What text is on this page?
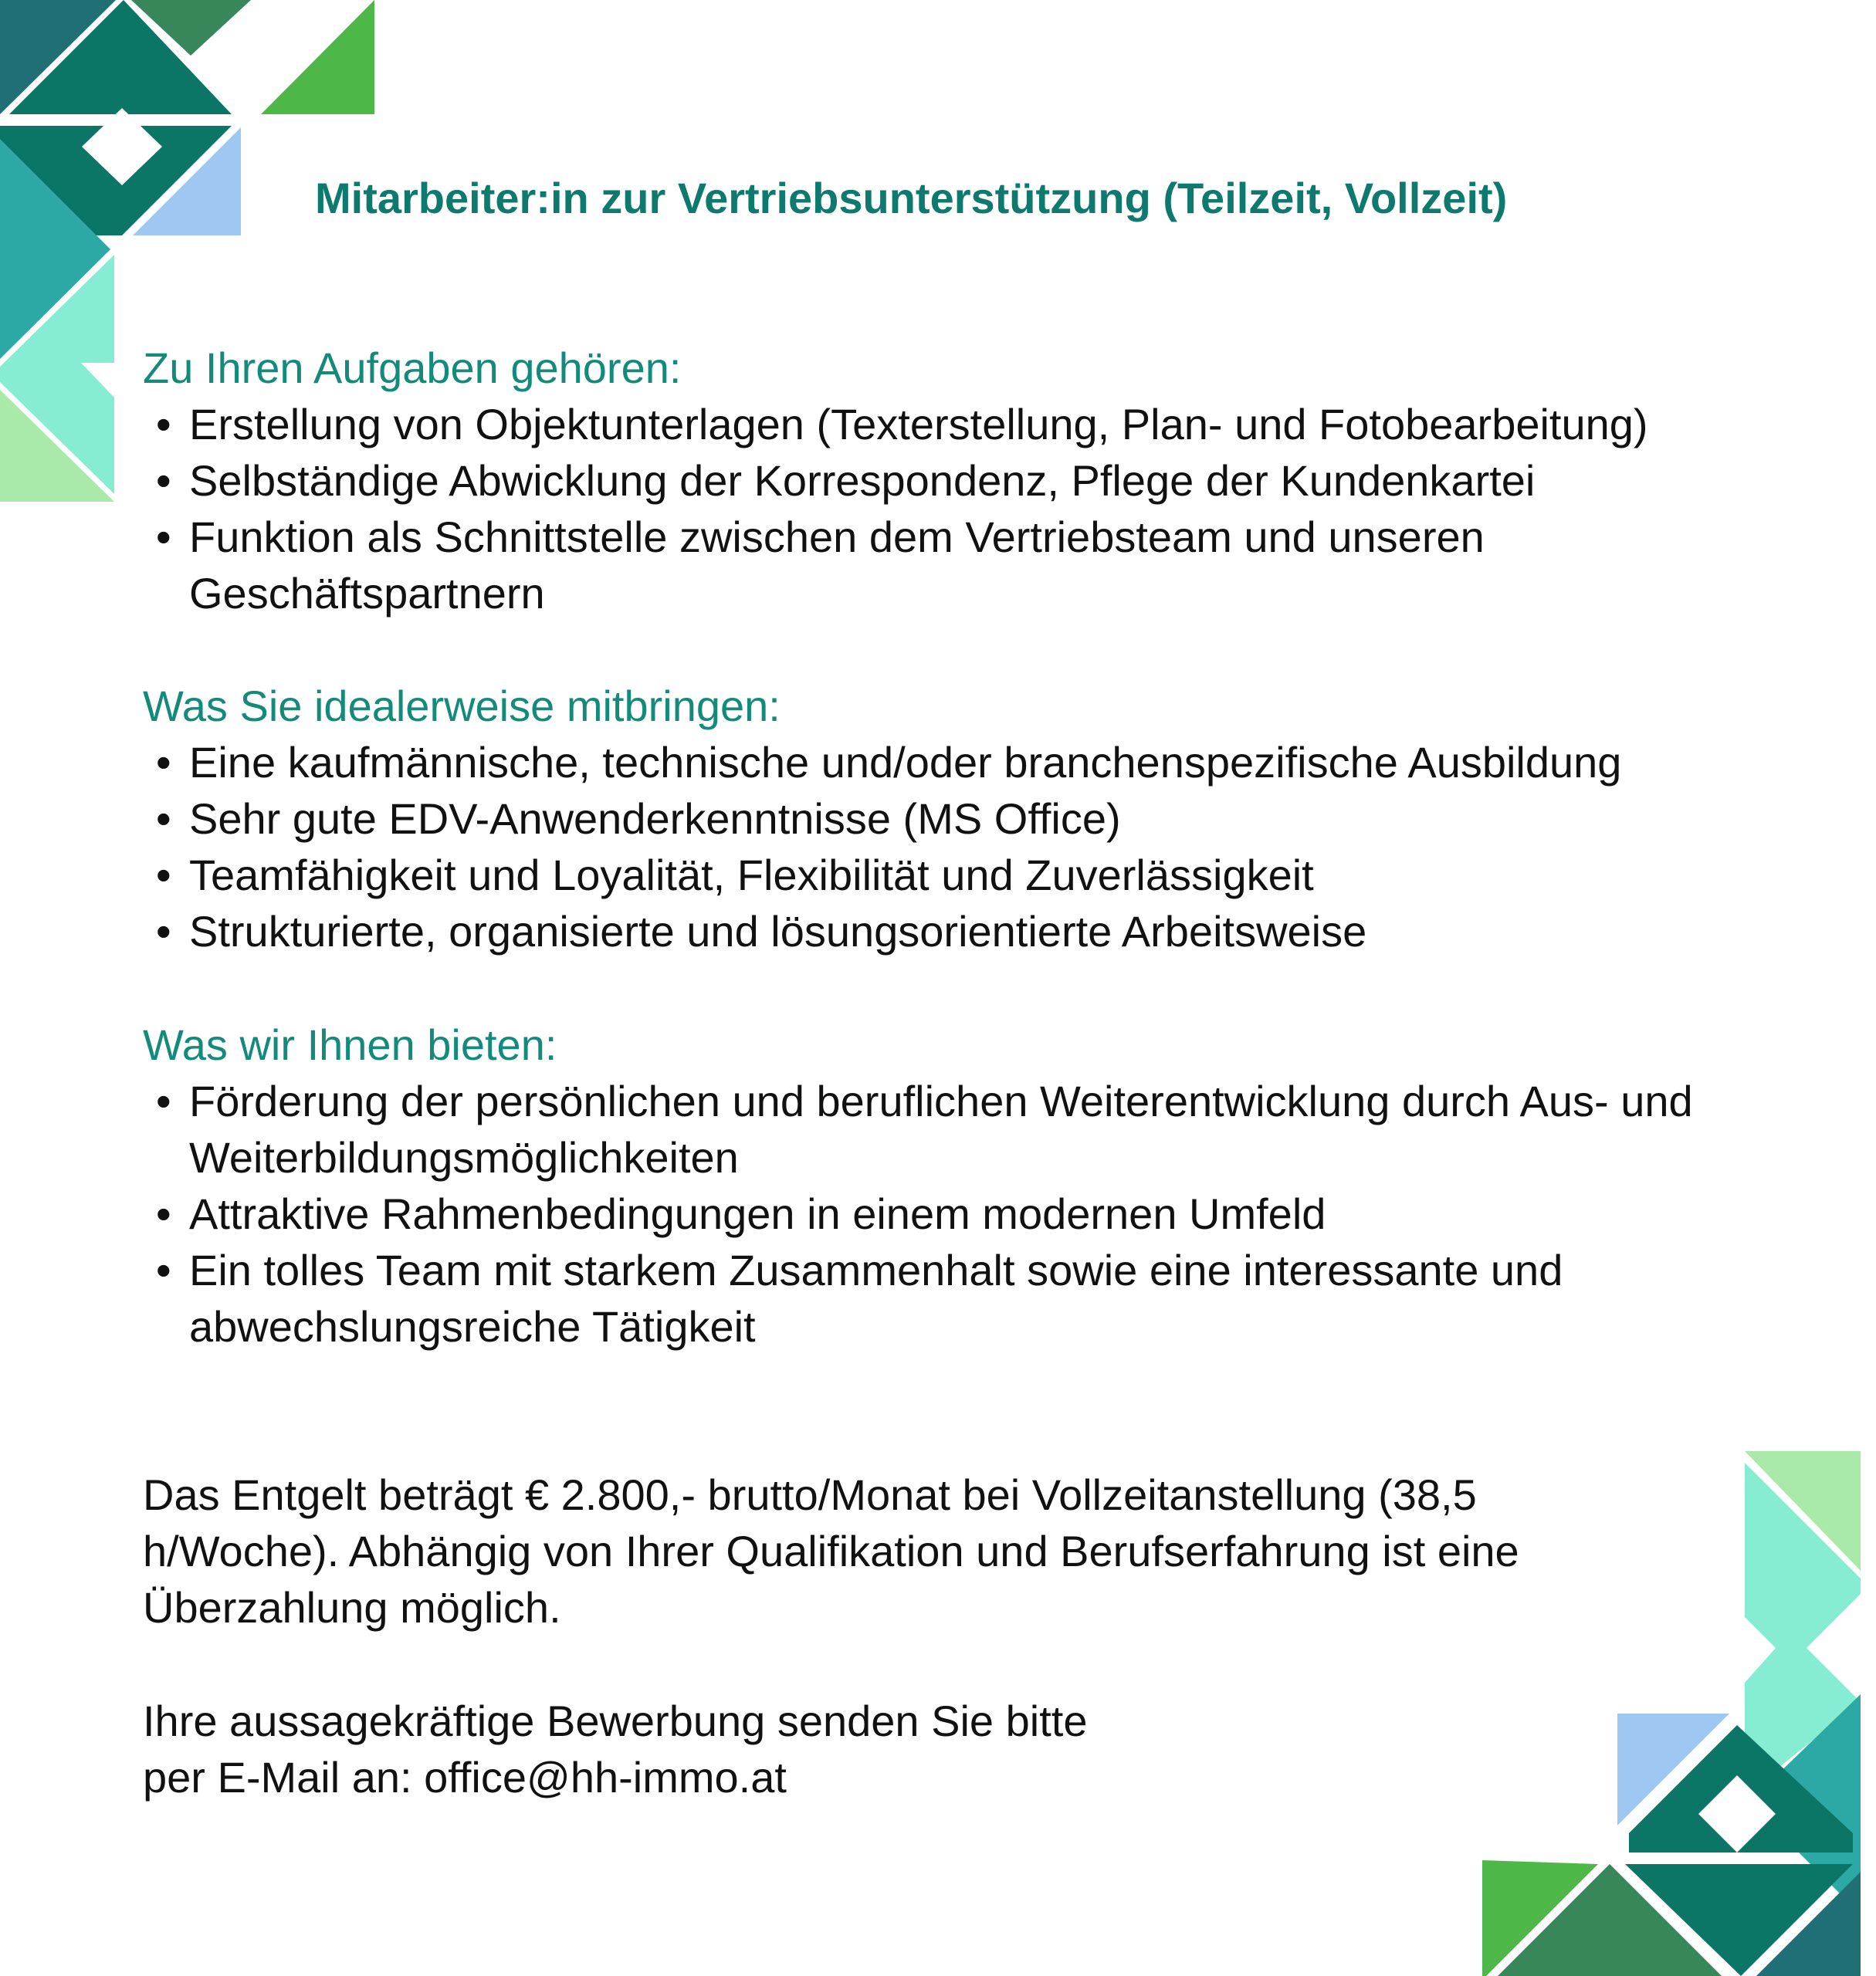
Mitarbeiter:in zur Vertriebsunterstützung (Teilzeit, Vollzeit)
Zu Ihren Aufgaben gehören:
• Erstellung von Objektunterlagen (Texterstellung, Plan- und Fotobearbeitung)
• Selbständige Abwicklung der Korrespondenz, Pflege der Kundenkartei
• Funktion als Schnittstelle zwischen dem Vertriebsteam und unseren Geschäftspartnern
Was Sie idealerweise mitbringen:
• Eine kaufmännische, technische und/oder branchenspezifische Ausbildung
• Sehr gute EDV-Anwenderkenntnisse (MS Office)
• Teamfähigkeit und Loyalität, Flexibilität und Zuverlässigkeit
• Strukturierte, organisierte und lösungsorientierte Arbeitsweise
Was wir Ihnen bieten:
• Förderung der persönlichen und beruflichen Weiterentwicklung durch Aus- und Weiterbildungsmöglichkeiten
• Attraktive Rahmenbedingungen in einem modernen Umfeld
• Ein tolles Team mit starkem Zusammenhalt sowie eine interessante und abwechslungsreiche Tätigkeit

Das Entgelt beträgt € 2.800,- brutto/Monat bei Vollzeitanstellung (38,5
h/Woche). Abhängig von Ihrer Qualifikation und Berufserfahrung ist eine
Überzahlung möglich.

Ihre aussagekräftige Bewerbung senden Sie bitte
per E-Mail an: office@hh-immo.at
